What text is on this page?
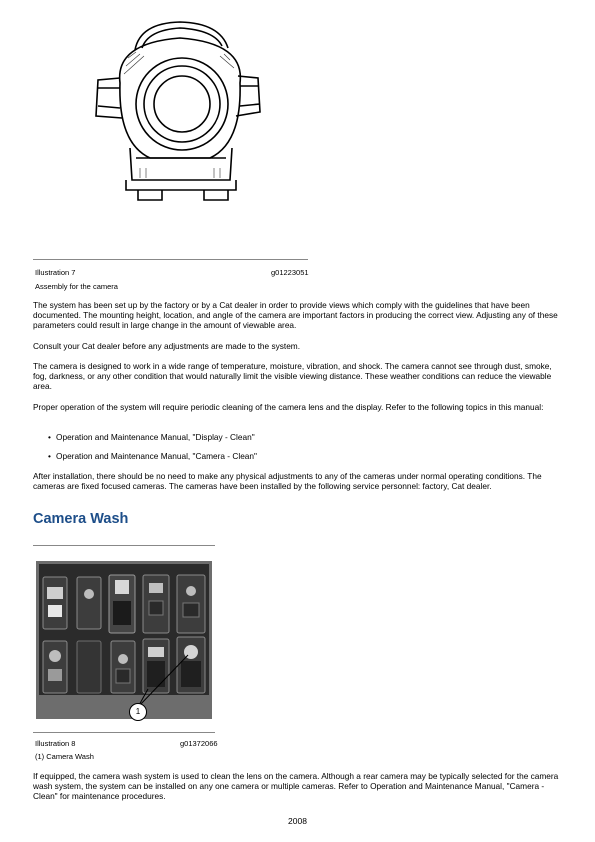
Illustration 7	g01223051
Assembly for the camera

The system has been set up by the factory or by a Cat dealer in order to provide views which comply with the guidelines that have been documented. The mounting height, location, and angle of the camera are important factors in producing the correct view. Adjusting any of these parameters could result in large change in the amount of viewable area.

Consult your Cat dealer before any adjustments are made to the system.

The camera is designed to work in a wide range of temperature, moisture, vibration, and shock. The camera cannot see through dust, smoke, fog, darkness, or any other condition that would naturally limit the visible viewing distance. These weather conditions can reduce the viewable area.

Proper operation of the system will require periodic cleaning of the camera lens and the display. Refer to the following topics in this manual:

• Operation and Maintenance Manual, "Display - Clean"
• Operation and Maintenance Manual, "Camera - Clean"

After installation, there should be no need to make any physical adjustments to any of the cameras under normal operating conditions. The cameras are fixed focused cameras. The cameras have been installed by the following service personnel: factory, Cat dealer.

Camera Wash
1
Illustration 8	g01372066
(1) Camera Wash

If equipped, the camera wash system is used to clean the lens on the camera. Although a rear camera may be typically selected for the camera wash system, the system can be installed on any one camera or multiple cameras. Refer to Operation and Maintenance Manual, "Camera - Clean" for maintenance procedures.

2008
